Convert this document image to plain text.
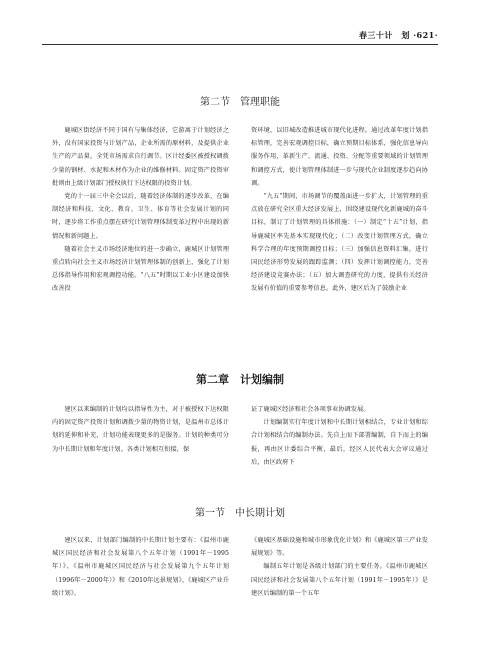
春三十计　划 ·621·
第二节　管理职能

鹿城区街经济不同于国有与集体经济，它游离于计划经济之外，没有国家投资与计划产品，企业所需的原材料，及提供企业生产的产品量，全凭市场需求自行调节。区计经委区被授权调拨少量的钢材、水泥和木材作为企业的维修材料。固定资产投资审批则由上级计划部门授权执行下达权限的投资计划。

党的十一届三中全会以后，随着经济体制的逐步改革，在编制经济和科技、文化、教育、卫生、体育等社会发展计划的同时，逐步将工作重点摆在研究计划管理体制变革过程中出现的新情况和新问题上。

随着社会主义市场经济地位的进一步确立，鹿城区计划管理重点转向社会主义市场经济计划管理体制的创新上，强化了计划总体指导作用和宏观调控功能。“八五”时期以工业小区建设加快改善投

资环境，以旧城改造推进城市现代化进程。通过改革年度计划指标管理，完善宏观调控目标，确立预期目标体系，强化信息导向服务作用，革新生产、流通、投资、分配等重要领域的计划管理和调控方式，使计划管理体制进一步与现代企业制度逐步趋向协调。

“九五”期间，市场调节的覆盖面进一步扩大，计划管理的重点放在研究全区重大经济发展上，围绕建设现代化新鹿城的奋斗目标，制订了计划管理的具体措施：（一）制定“十五”计划，指导鹿城区率先基本实现现代化；（二）改变计划管理方式，确立科学合理的年度预期调控目标；（三）加强信息资料汇集，进行国民经济形势发展的跟踪监测；（四）发挥计划调控能力，完善经济建设竞赛办法；（五）加大调查研究的力度，提供有关经济发展有价值的重要参考信息。此外，建区后为了鼓励企业

第二章　计划编制

建区以来编制的计划均以指导性为主，对于被授权下达权限内的固定资产投资计划和调拨少量的物资计划，是温州市总体计划的延伸和补充，计划功能表现更多的是服务。计划的种类可分为中长期计划和年度计划。各类计划相互衔接，保

证了鹿城区经济和社会各项事业协调发展。

计划编制实行年度计划和中长期计划相结合，专业计划和综合计划相结合的编制办法。先自上而下部署编制，自下而上的编报，再由区计委综合平衡，最后，经区人民代表大会审议通过后，由区政府下

第一节　中长期计划

建区以来，计划部门编制的中长期计划主要有：《温州市鹿城区国民经济和社会发展第八个五年计划（1991年－1995年）》、《温州市鹿城区国民经济与社会发展第九个五年计划（1996年－2000年）》和《2010年远景规划》、《鹿城区产业升级计划》、

《鹿城区基础设施和城市形象优化计划》和《鹿城区第三产业发展规划》等。

编制五年计划是各级计划部门的主要任务。《温州市鹿城区国民经济和社会发展第八个五年计划（1991年－1995年）》是建区后编制的第一个五年
